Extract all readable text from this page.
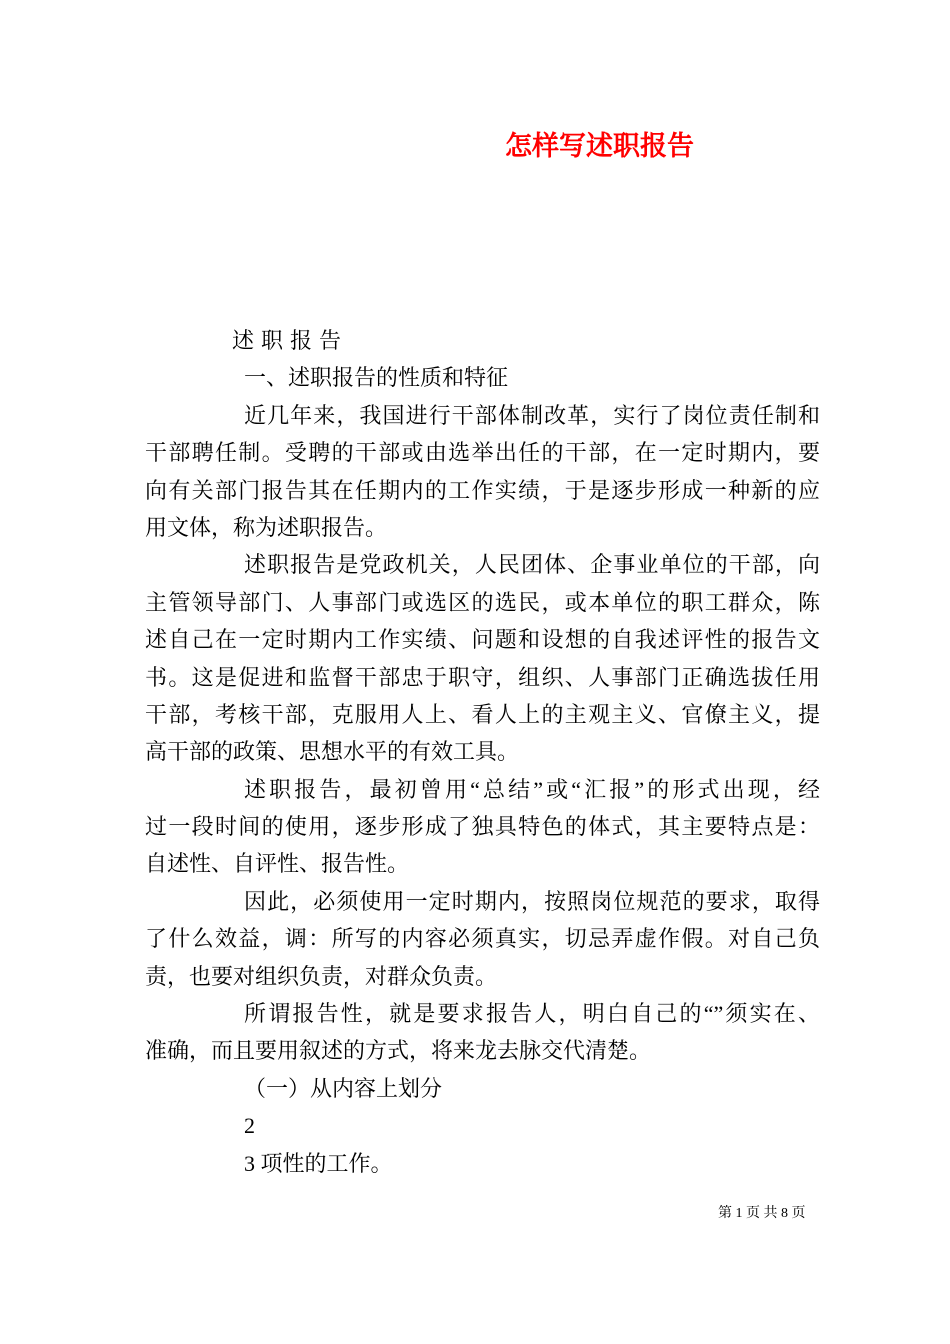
怎样写述职报告

述职报告

一、述职报告的性质和特征

近几年来，我国进行干部体制改革，实行了岗位责任制和

干部聘任制。受聘的干部或由选举出任的干部，在一定时期内，要

向有关部门报告其在任期内的工作实绩，于是逐步形成一种新的应

用文体，称为述职报告。

述职报告是党政机关，人民团体、企事业单位的干部，向

主管领导部门、人事部门或选区的选民，或本单位的职工群众，陈

述自己在一定时期内工作实绩、问题和设想的自我述评性的报告文

书。这是促进和监督干部忠于职守，组织、人事部门正确选拔任用

干部，考核干部，克服用人上、看人上的主观主义、官僚主义，提

高干部的政策、思想水平的有效工具。

述职报告，最初曾用“总结”或“汇报”的形式出现，经

过一段时间的使用，逐步形成了独具特色的体式，其主要特点是：

自述性、自评性、报告性。

因此，必须使用一定时期内，按照岗位规范的要求，取得

了什么效益，调：所写的内容必须真实，切忌弄虚作假。对自己负

责，也要对组织负责，对群众负责。

所谓报告性，就是要求报告人，明白自己的“”须实在、

准确，而且要用叙述的方式，将来龙去脉交代清楚。

（一）从内容上划分

2

3 项性的工作。

第 1 页 共 8 页
